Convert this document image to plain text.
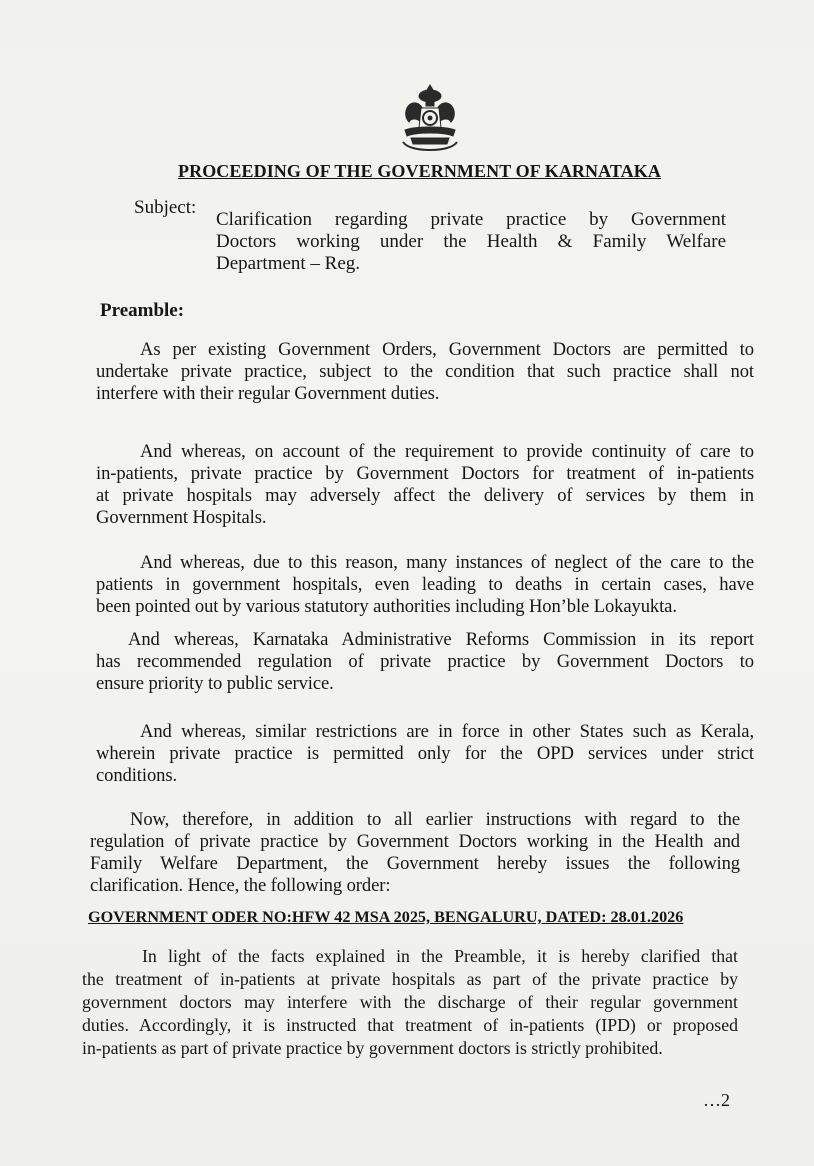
PROCEEDING OF THE GOVERNMENT OF KARNATAKA
Subject:
Clarification regarding private practice by Government
Doctors working under the Health & Family Welfare
Department – Reg.
Preamble:
As per existing Government Orders, Government Doctors are permitted to
undertake private practice, subject to the condition that such practice shall not
interfere with their regular Government duties.
And whereas, on account of the requirement to provide continuity of care to
in-patients, private practice by Government Doctors for treatment of in-patients
at private hospitals may adversely affect the delivery of services by them in
Government Hospitals.
And whereas, due to this reason, many instances of neglect of the care to the
patients in government hospitals, even leading to deaths in certain cases, have
been pointed out by various statutory authorities including Hon’ble Lokayukta.
And whereas, Karnataka Administrative Reforms Commission in its report
has recommended regulation of private practice by Government Doctors to
ensure priority to public service.
And whereas, similar restrictions are in force in other States such as Kerala,
wherein private practice is permitted only for the OPD services under strict
conditions.
Now, therefore, in addition to all earlier instructions with regard to the
regulation of private practice by Government Doctors working in the Health and
Family Welfare Department, the Government hereby issues the following
clarification. Hence, the following order:
GOVERNMENT ODER NO:HFW 42 MSA 2025, BENGALURU, DATED: 28.01.2026
In light of the facts explained in the Preamble, it is hereby clarified that
the treatment of in-patients at private hospitals as part of the private practice by
government doctors may interfere with the discharge of their regular government
duties. Accordingly, it is instructed that treatment of in-patients (IPD) or proposed
in-patients as part of private practice by government doctors is strictly prohibited.
…2
